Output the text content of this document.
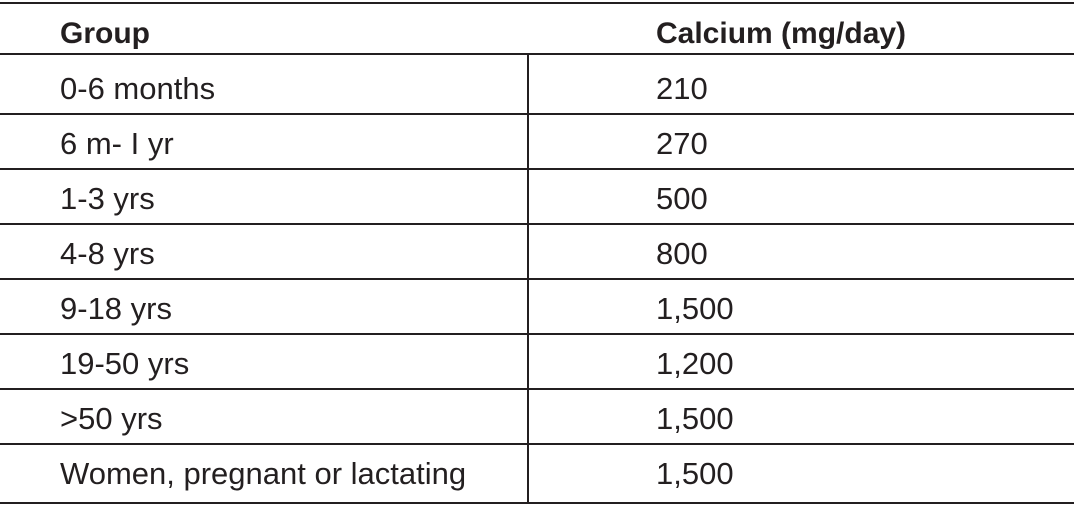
Group	Calcium (mg/day)
0-6 months	210
6 m- I yr	270
1-3 yrs	500
4-8 yrs	800
9-18 yrs	1,500
19-50 yrs	1,200
>50 yrs	1,500
Women, pregnant or lactating	1,500
